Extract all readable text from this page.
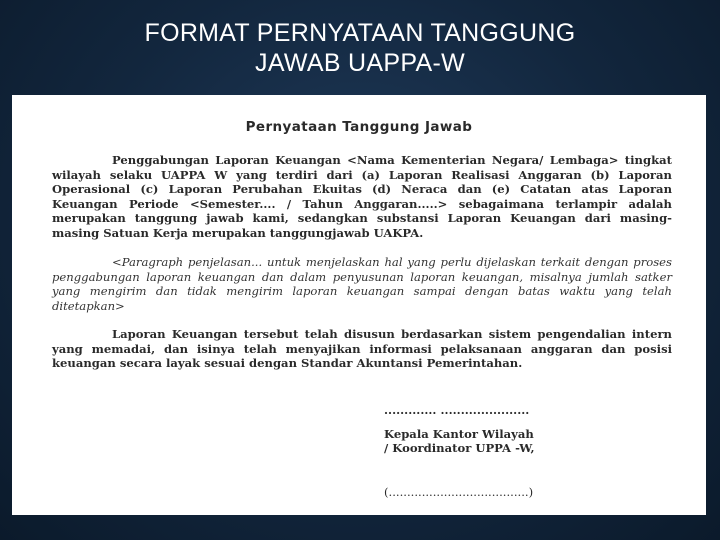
FORMAT PERNYATAAN TANGGUNG
JAWAB UAPPA-W
Pernyataan Tanggung Jawab

Penggabungan Laporan Keuangan <Nama Kementerian Negara/ Lembaga> tingkat wilayah selaku UAPPA W yang terdiri dari (a) Laporan Realisasi Anggaran (b) Laporan Operasional (c) Laporan Perubahan Ekuitas (d) Neraca dan (e) Catatan atas Laporan Keuangan Periode <Semester.... / Tahun Anggaran.....> sebagaimana terlampir adalah merupakan tanggung jawab kami, sedangkan substansi Laporan Keuangan dari masing-masing Satuan Kerja merupakan tanggungjawab UAKPA.

<Paragraph penjelasan... untuk menjelaskan hal yang perlu dijelaskan terkait dengan proses penggabungan laporan keuangan dan dalam penyusunan laporan keuangan, misalnya jumlah satker yang mengirim dan tidak mengirim laporan keuangan sampai dengan batas waktu yang telah ditetapkan>

Laporan Keuangan tersebut telah disusun berdasarkan sistem pengendalian intern yang memadai, dan isinya telah menyajikan informasi pelaksanaan anggaran dan posisi keuangan secara layak sesuai dengan Standar Akuntansi Pemerintahan.

............. ......................

Kepala Kantor Wilayah

/ Koordinator UPPA -W,

(......................................)
